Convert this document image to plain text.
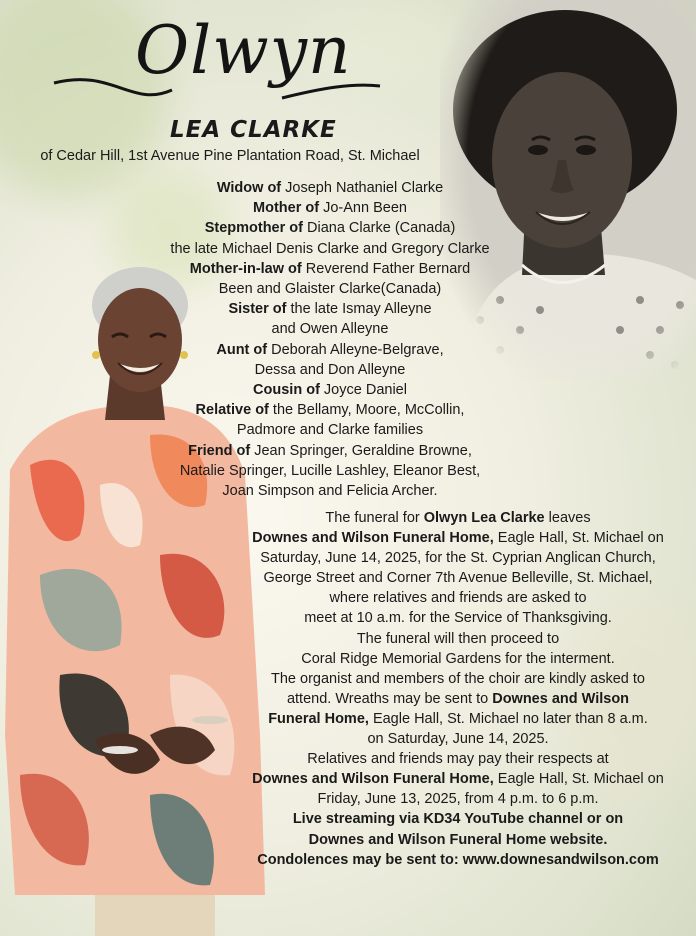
Olwyn
LEA CLARKE
of Cedar Hill, 1st Avenue Pine Plantation Road, St. Michael
Widow of Joseph Nathaniel Clarke
Mother of Jo-Ann Been
Stepmother of Diana Clarke (Canada)
the late Michael Denis Clarke and Gregory Clarke
Mother-in-law of Reverend Father Bernard
Been and Glaister Clarke(Canada)
Sister of the late Ismay Alleyne
and Owen Alleyne
Aunt of Deborah Alleyne-Belgrave,
Dessa and Don Alleyne
Cousin of Joyce Daniel
Relative of the Bellamy, Moore, McCollin,
Padmore and Clarke families
Friend of Jean Springer, Geraldine Browne,
Natalie Springer, Lucille Lashley, Eleanor Best,
Joan Simpson and Felicia Archer.
The funeral for Olwyn Lea Clarke leaves
Downes and Wilson Funeral Home, Eagle Hall, St. Michael on
Saturday, June 14, 2025, for the St. Cyprian Anglican Church,
George Street and Corner 7th Avenue Belleville, St. Michael,
where relatives and friends are asked to
meet at 10 a.m. for the Service of Thanksgiving.
The funeral will then proceed to
Coral Ridge Memorial Gardens for the interment.
The organist and members of the choir are kindly asked to
attend. Wreaths may be sent to Downes and Wilson
Funeral Home, Eagle Hall, St. Michael no later than 8 a.m.
on Saturday, June 14, 2025.
Relatives and friends may pay their respects at
Downes and Wilson Funeral Home, Eagle Hall, St. Michael on
Friday, June 13, 2025, from 4 p.m. to 6 p.m.
Live streaming via KD34 YouTube channel or on
Downes and Wilson Funeral Home website.
Condolences may be sent to: www.downesandwilson.com
